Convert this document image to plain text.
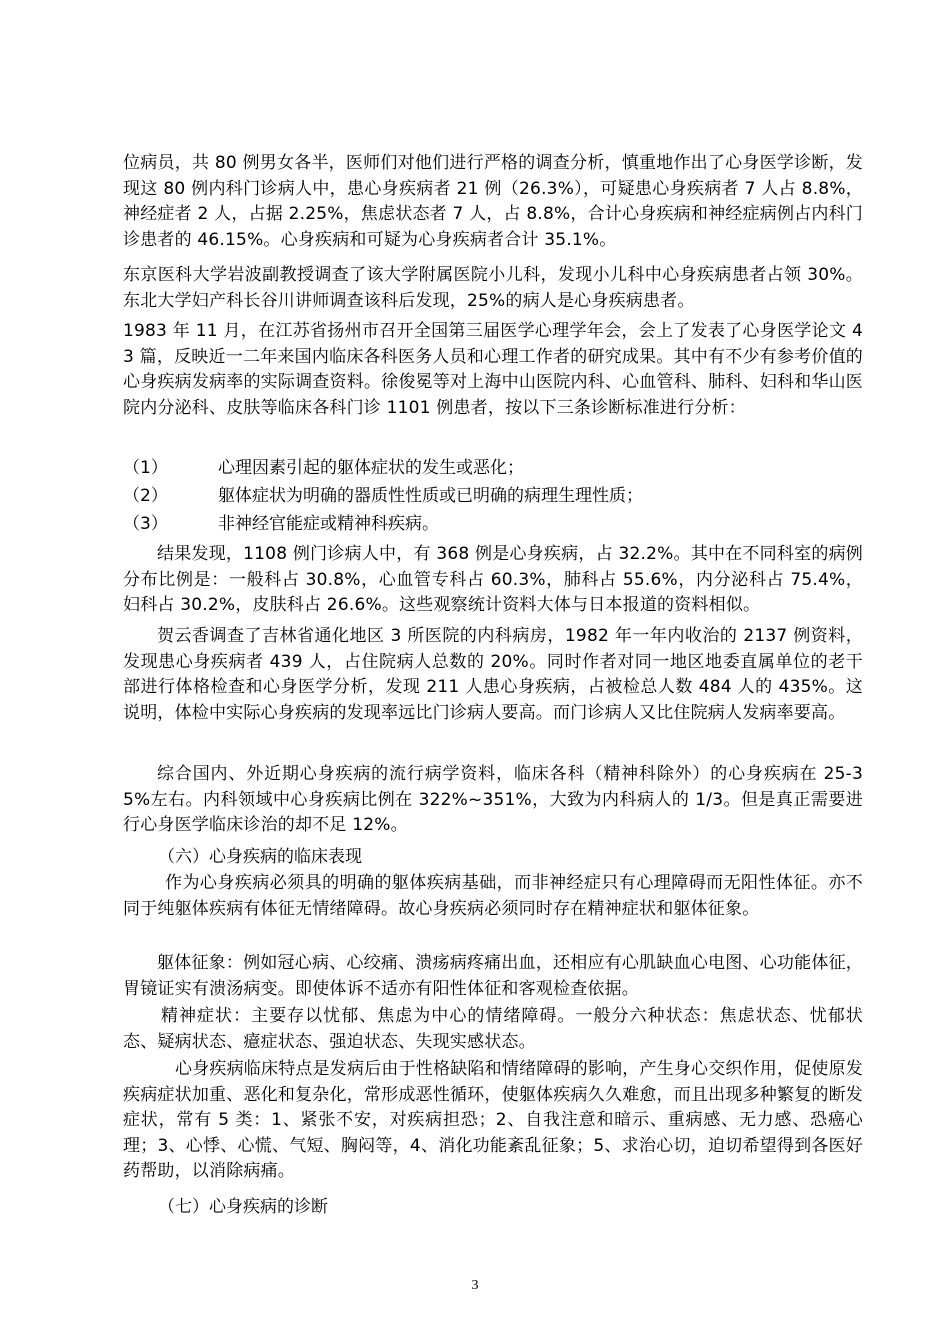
位病员，共 80 例男女各半，医师们对他们进行严格的调查分析，慎重地作出了心身医学诊断，发现这 80 例内科门诊病人中，患心身疾病者 21 例（26.3%），可疑患心身疾病者 7 人占 8.8%，神经症者 2 人，占据 2.25%，焦虑状态者 7 人，占 8.8%，合计心身疾病和神经症病例占内科门诊患者的 46.15%。心身疾病和可疑为心身疾病者合计 35.1%。

东京医科大学岩波副教授调查了该大学附属医院小儿科，发现小儿科中心身疾病患者占领 30%。东北大学妇产科长谷川讲师调查该科后发现，25%的病人是心身疾病患者。

1983 年 11 月，在江苏省扬州市召开全国第三届医学心理学年会，会上了发表了心身医学论文 43 篇，反映近一二年来国内临床各科医务人员和心理工作者的研究成果。其中有不少有参考价值的心身疾病发病率的实际调查资料。徐俊冕等对上海中山医院内科、心血管科、肺科、妇科和华山医院内分泌科、皮⁠肤等临床各科门诊 1101 例患者，按以下三条诊断标准进行分析：

（1）	心理因素引起的躯体症状的发生或恶化；
（2）	躯体症状为明确的器质性性质或已明确的病理生理性质；
（3）	非神经官能症或精神科疾病。

结果发现，1108 例门诊病人中，有 368 例是心身疾病，占 32.2%。其中在不同科室的病例分布比例是：一般科占 30.8%，心血管专科占 60.3%，肺科占 55.6%，内分泌科占 75.4%，妇科占 30.2%，皮肤科占 26.6%。这些观察统计资料大体与日本报道的资料相似。

贺云香调查了吉林省通化地区 3 所医院的内科病房，1982 年一年内收治的 2137 例资料，发现患心身疾病者 439 人，占住院病人总数的 20%。同时作者对同一地区地委直属单位的老干部进行体格检查和心身医学分析，发现 211 人患心身疾病，占被检总人数 484 人的 435%。这说明，体检中实际心身疾病的发现率远比门诊病人要高。而门诊病人又比住院病人发病率要高。

综合国内、外近期心身疾病的流行病学资料，临床各科（精神科除外）的心身疾病在 25-35%左右。内科领域中心身疾病比例在 322%~351%，大致为内科病人的 1/3。但是真正需要进行心身医学临床诊治的却不足 12%。

（六）心身疾病的临床表现

作为心身疾病必须具的明确的躯体疾病基础，而非神经症只有心理障碍而无阳性体征。亦不同于纯躯体疾病有体征无情绪障碍。故心身疾病必须同时存在精神症状和躯体征象。

躯体征象：例如冠心病、心绞痛、溃疡病疼痛出血，还相应有心肌缺血心电图、心功能体征，胃镜证实有溃汤病变。即使体诉不适亦有阳性体征和客观检查依据。

精神症状：主要存以忧郁、焦虑为中心的情绪障碍。一般分六种状态：焦虑状态、忧郁状态、疑病状态、癔症状态、强迫状态、失现实感状态。

心身疾病临床特点是发病后由于性格缺陷和情绪障碍的影响，产生身心交织作用，促使原发疾病症状加重、恶化和复杂化，常形成恶性循环，使躯体疾病久久难愈，而且出现多种繁复的断发症状，常有 5 类：1、紧张不安，对疾病担恐；2、自我注意和暗示、重病感、无力感、恐癌心理；3、心悸、心慌、气短、胸闷等，4、消化功能紊乱征象；5、求治心切，迫切希望得到各医好药帮助，以消除病痛。

（七）心身疾病的诊断
3
